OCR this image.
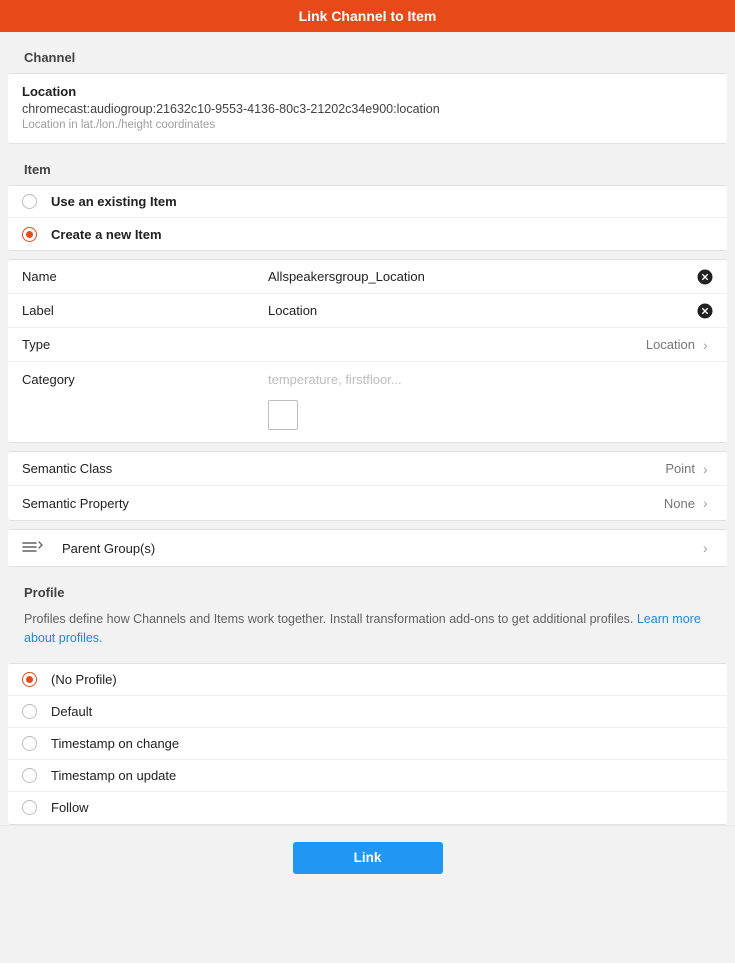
Link Channel to Item
Channel
Location
chromecast:audiogroup:21632c10-9553-4136-80c3-21202c34e900:location
Location in lat./lon./height coordinates
Item
Use an existing Item
Create a new Item
Name	Allspeakersgroup_Location
Label	Location
Type	Location ›
Category	temperature, firstfloor...
Semantic Class	Point ›
Semantic Property	None ›
Parent Group(s)	›
Profile
Profiles define how Channels and Items work together. Install transformation add-ons to get additional profiles. Learn more about profiles.
(No Profile)
Default
Timestamp on change
Timestamp on update
Follow
Link
